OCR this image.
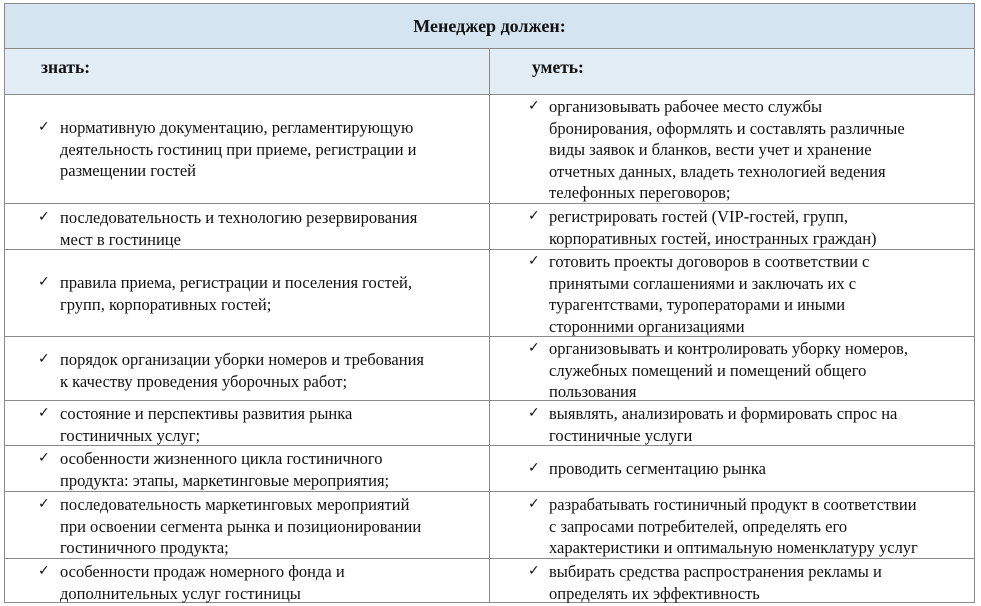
Менеджер должен:
знать:	уметь:
✓ нормативную документацию, регламентирующую
деятельность гостиниц при приеме, регистрации и
размещении гостей
✓ организовывать рабочее место службы
бронирования, оформлять и составлять различные
виды заявок и бланков, вести учет и хранение
отчетных данных, владеть технологией ведения
телефонных переговоров;
✓ последовательность и технологию резервирования
мест в гостинице
✓ регистрировать гостей (VIP-гостей, групп,
корпоративных гостей, иностранных граждан)
✓ правила приема, регистрации и поселения гостей,
групп, корпоративных гостей;
✓ готовить проекты договоров в соответствии с
принятыми соглашениями и заключать их с
турагентствами, туроператорами и иными
сторонними организациями
✓ порядок организации уборки номеров и требования
к качеству проведения уборочных работ;
✓ организовывать и контролировать уборку номеров,
служебных помещений и помещений общего
пользования
✓ состояние и перспективы развития рынка
гостиничных услуг;
✓ выявлять, анализировать и формировать спрос на
гостиничные услуги
✓ особенности жизненного цикла гостиничного
продукта: этапы, маркетинговые мероприятия;
✓ проводить сегментацию рынка
✓ последовательность маркетинговых мероприятий
при освоении сегмента рынка и позиционировании
гостиничного продукта;
✓ разрабатывать гостиничный продукт в соответствии
с запросами потребителей, определять его
характеристики и оптимальную номенклатуру услуг
✓ особенности продаж номерного фонда и
дополнительных услуг гостиницы
✓ выбирать средства распространения рекламы и
определять их эффективность
